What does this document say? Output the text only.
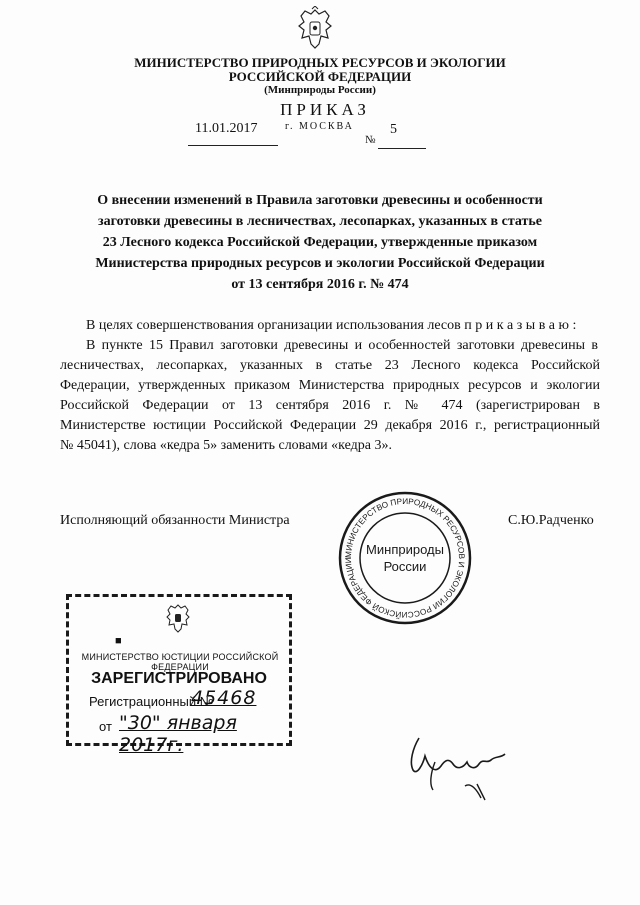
МИНИСТЕРСТВО ПРИРОДНЫХ РЕСУРСОВ И ЭКОЛОГИИ
РОССИЙСКОЙ ФЕДЕРАЦИИ
(Минприроды России)
ПРИКАЗ
11.01.2017	г. МОСКВА
№
5
О внесении изменений в Правила заготовки древесины и особенности
заготовки древесины в лесничествах, лесопарках, указанных в статье
23 Лесного кодекса Российской Федерации, утвержденные приказом
Министерства природных ресурсов и экологии Российской Федерации
от 13 сентября 2016 г. № 474
В целях совершенствования организации использования лесов п р и к а з ы в а ю :
В пункте 15 Правил заготовки древесины и особенностей заготовки древесины в
лесничествах, лесопарках, указанных в статье 23 Лесного кодекса Российской
Федерации, утвержденных приказом Министерства природных ресурсов и экологии
Российской Федерации от 13 сентября 2016 г. № 474 (зарегистрирован в
Министерстве юстиции Российской Федерации 29 декабря 2016 г., регистрационный
№ 45041), слова «кедра 5» заменить словами «кедра 3».
Исполняющий обязанности Министра	С.Ю.Радченко
МИНИСТЕРСТВО ПРИРОДНЫХ РЕСУРСОВ И ЭКОЛОГИИ РОССИЙСКОЙ ФЕДЕРАЦИИ
Минприроды
России
■
МИНИСТЕРСТВО ЮСТИЦИИ РОССИЙСКОЙ ФЕДЕРАЦИИ
ЗАРЕГИСТРИРОВАНО
Регистрационный №
45468
от "30" января 2017г.
